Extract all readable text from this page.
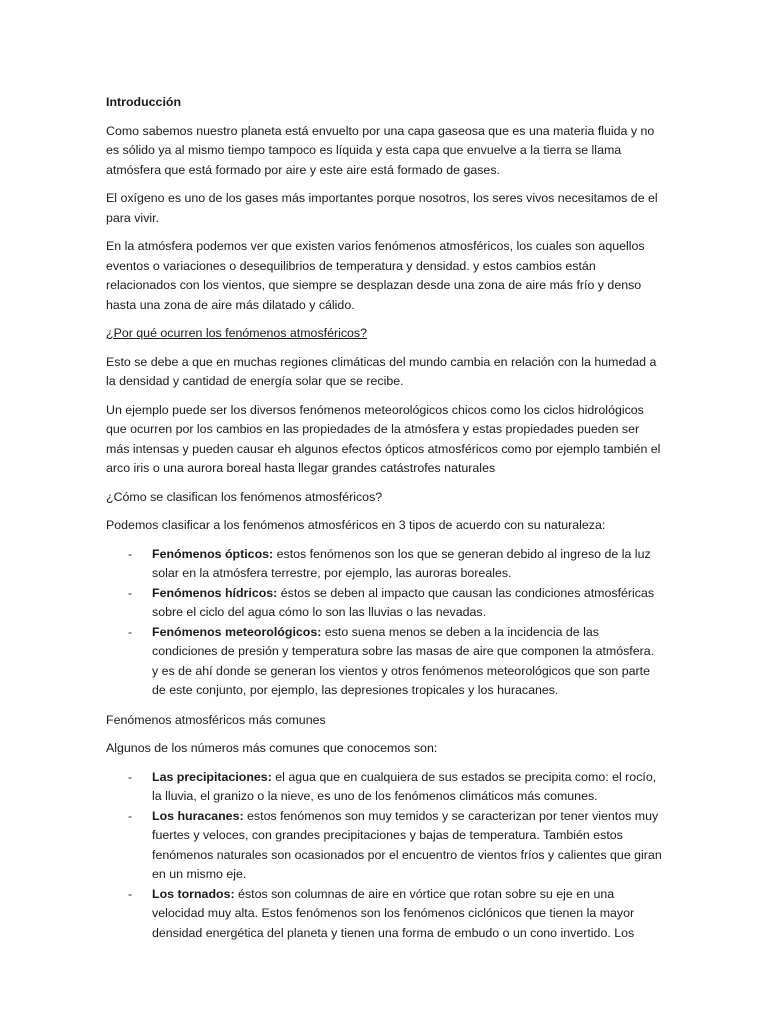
Introducción

Como sabemos nuestro planeta está envuelto por una capa gaseosa que es una materia fluida y no es sólido ya al mismo tiempo tampoco es líquida y esta capa que envuelve a la tierra se llama atmósfera que está formado por aire y este aire está formado de gases.

El oxígeno es uno de los gases más importantes porque nosotros, los seres vivos necesitamos de el para vivir.

En la atmósfera podemos ver que existen varios fenómenos atmosféricos, los cuales son aquellos eventos o variaciones o desequilibrios de temperatura y densidad. y estos cambios están relacionados con los vientos, que siempre se desplazan desde una zona de aire más frío y denso hasta una zona de aire más dilatado y cálido.

¿Por qué ocurren los fenómenos atmosféricos?

Esto se debe a que en muchas regiones climáticas del mundo cambia en relación con la humedad a la densidad y cantidad de energía solar que se recibe.

Un ejemplo puede ser los diversos fenómenos meteorológicos chicos como los ciclos hidrológicos que ocurren por los cambios en las propiedades de la atmósfera y estas propiedades pueden ser más intensas y pueden causar eh algunos efectos ópticos atmosféricos como por ejemplo también el arco iris o una aurora boreal hasta llegar grandes catástrofes naturales

¿Cómo se clasifican los fenómenos atmosféricos?

Podemos clasificar a los fenómenos atmosféricos en 3 tipos de acuerdo con su naturaleza:

- Fenómenos ópticos: estos fenómenos son los que se generan debido al ingreso de la luz solar en la atmósfera terrestre, por ejemplo, las auroras boreales.
- Fenómenos hídricos: éstos se deben al impacto que causan las condiciones atmosféricas sobre el ciclo del agua cómo lo son las lluvias o las nevadas.
- Fenómenos meteorológicos: esto suena menos se deben a la incidencia de las condiciones de presión y temperatura sobre las masas de aire que componen la atmósfera. y es de ahí donde se generan los vientos y otros fenómenos meteorológicos que son parte de este conjunto, por ejemplo, las depresiones tropicales y los huracanes.

Fenómenos atmosféricos más comunes

Algunos de los números más comunes que conocemos son:

- Las precipitaciones: el agua que en cualquiera de sus estados se precipita como: el rocío, la lluvia, el granizo o la nieve, es uno de los fenómenos climáticos más comunes.
- Los huracanes: estos fenómenos son muy temidos y se caracterizan por tener vientos muy fuertes y veloces, con grandes precipitaciones y bajas de temperatura. También estos fenómenos naturales son ocasionados por el encuentro de vientos fríos y calientes que giran en un mismo eje.
- Los tornados: éstos son columnas de aire en vórtice que rotan sobre su eje en una velocidad muy alta. Estos fenómenos son los fenómenos ciclónicos que tienen la mayor densidad energética del planeta y tienen una forma de embudo o un cono invertido. Los
